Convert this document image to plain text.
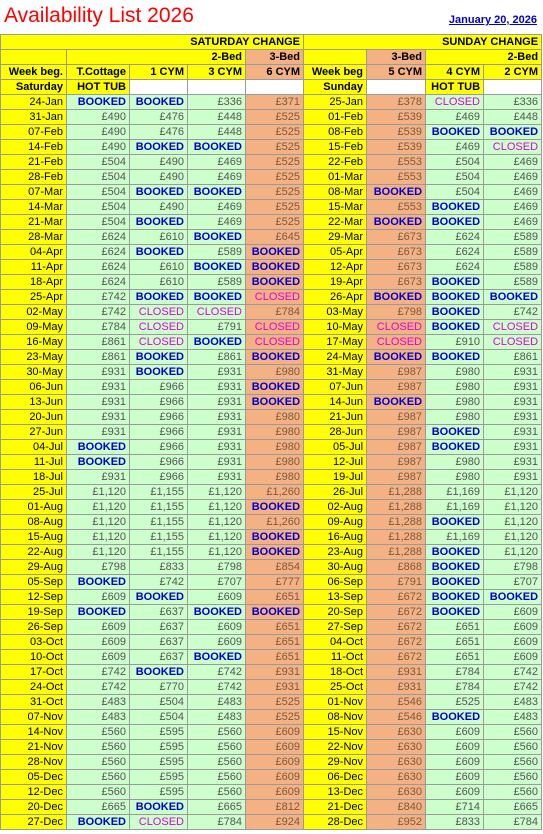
Availability List 2026	January 20, 2026
SATURDAY CHANGE					SUNDAY CHANGE			
	2-Bed			3-Bed		3-Bed	2-Bed	
Week beg.	T.Cottage	1 CYM	3 CYM	6 CYM	Week beg	5 CYM	4 CYM	2 CYM
Saturday	HOT TUB				Sunday		HOT TUB	
24-Jan	BOOKED	BOOKED	£336	£371	25-Jan	£378	CLOSED	£336
31-Jan	£490	£476	£448	£525	01-Feb	£539	£469	£448
07-Feb	£490	£476	£448	£525	08-Feb	£539	BOOKED	BOOKED
14-Feb	£490	BOOKED	BOOKED	£525	15-Feb	£539	£469	CLOSED
21-Feb	£504	£490	£469	£525	22-Feb	£553	£504	£469
28-Feb	£504	£490	£469	£525	01-Mar	£553	£504	£469
07-Mar	£504	BOOKED	BOOKED	£525	08-Mar	BOOKED	£504	£469
14-Mar	£504	£490	£469	£525	15-Mar	£553	BOOKED	£469
21-Mar	£504	BOOKED	£469	£525	22-Mar	BOOKED	BOOKED	£469
28-Mar	£624	£610	BOOKED	£645	29-Mar	£673	£624	£589
04-Apr	£624	BOOKED	£589	BOOKED	05-Apr	£673	£624	£589
11-Apr	£624	£610	BOOKED	BOOKED	12-Apr	£673	£624	£589
18-Apr	£624	£610	£589	BOOKED	19-Apr	£673	BOOKED	£589
25-Apr	£742	BOOKED	BOOKED	CLOSED	26-Apr	BOOKED	BOOKED	BOOKED
02-May	£742	CLOSED	CLOSED	£784	03-May	£798	BOOKED	£742
09-May	£784	CLOSED	£791	CLOSED	10-May	CLOSED	BOOKED	CLOSED
16-May	£861	CLOSED	BOOKED	CLOSED	17-May	CLOSED	£910	CLOSED
23-May	£861	BOOKED	£861	BOOKED	24-May	BOOKED	BOOKED	£861
30-May	£931	BOOKED	£931	£980	31-May	£987	£980	£931
06-Jun	£931	£966	£931	BOOKED	07-Jun	£987	£980	£931
13-Jun	£931	£966	£931	BOOKED	14-Jun	BOOKED	£980	£931
20-Jun	£931	£966	£931	£980	21-Jun	£987	£980	£931
27-Jun	£931	£966	£931	£980	28-Jun	£987	BOOKED	£931
04-Jul	BOOKED	£966	£931	£980	05-Jul	£987	BOOKED	£931
11-Jul	BOOKED	£966	£931	£980	12-Jul	£987	£980	£931
18-Jul	£931	£966	£931	£980	19-Jul	£987	£980	£931
25-Jul	£1,120	£1,155	£1,120	£1,260	26-Jul	£1,288	£1,169	£1,120
01-Aug	£1,120	£1,155	£1,120	BOOKED	02-Aug	£1,288	£1,169	£1,120
08-Aug	£1,120	£1,155	£1,120	£1,260	09-Aug	£1,288	BOOKED	£1,120
15-Aug	£1,120	£1,155	£1,120	BOOKED	16-Aug	£1,288	£1,169	£1,120
22-Aug	£1,120	£1,155	£1,120	BOOKED	23-Aug	£1,288	BOOKED	£1,120
29-Aug	£798	£833	£798	£854	30-Aug	£868	BOOKED	£798
05-Sep	BOOKED	£742	£707	£777	06-Sep	£791	BOOKED	£707
12-Sep	£609	BOOKED	£609	£651	13-Sep	£672	BOOKED	BOOKED
19-Sep	BOOKED	£637	BOOKED	BOOKED	20-Sep	£672	BOOKED	£609
26-Sep	£609	£637	£609	£651	27-Sep	£672	£651	£609
03-Oct	£609	£637	£609	£651	04-Oct	£672	£651	£609
10-Oct	£609	£637	BOOKED	£651	11-Oct	£672	£651	£609
17-Oct	£742	BOOKED	£742	£931	18-Oct	£931	£784	£742
24-Oct	£742	£770	£742	£931	25-Oct	£931	£784	£742
31-Oct	£483	£504	£483	£525	01-Nov	£546	£525	£483
07-Nov	£483	£504	£483	£525	08-Nov	£546	BOOKED	£483
14-Nov	£560	£595	£560	£609	15-Nov	£630	£609	£560
21-Nov	£560	£595	£560	£609	22-Nov	£630	£609	£560
28-Nov	£560	£595	£560	£609	29-Nov	£630	£609	£560
05-Dec	£560	£595	£560	£609	06-Dec	£630	£609	£560
12-Dec	£560	£595	£560	£609	13-Dec	£630	£609	£560
20-Dec	£665	BOOKED	£665	£812	21-Dec	£840	£714	£665
27-Dec	BOOKED	CLOSED	£784	£924	28-Dec	£952	£833	£784
